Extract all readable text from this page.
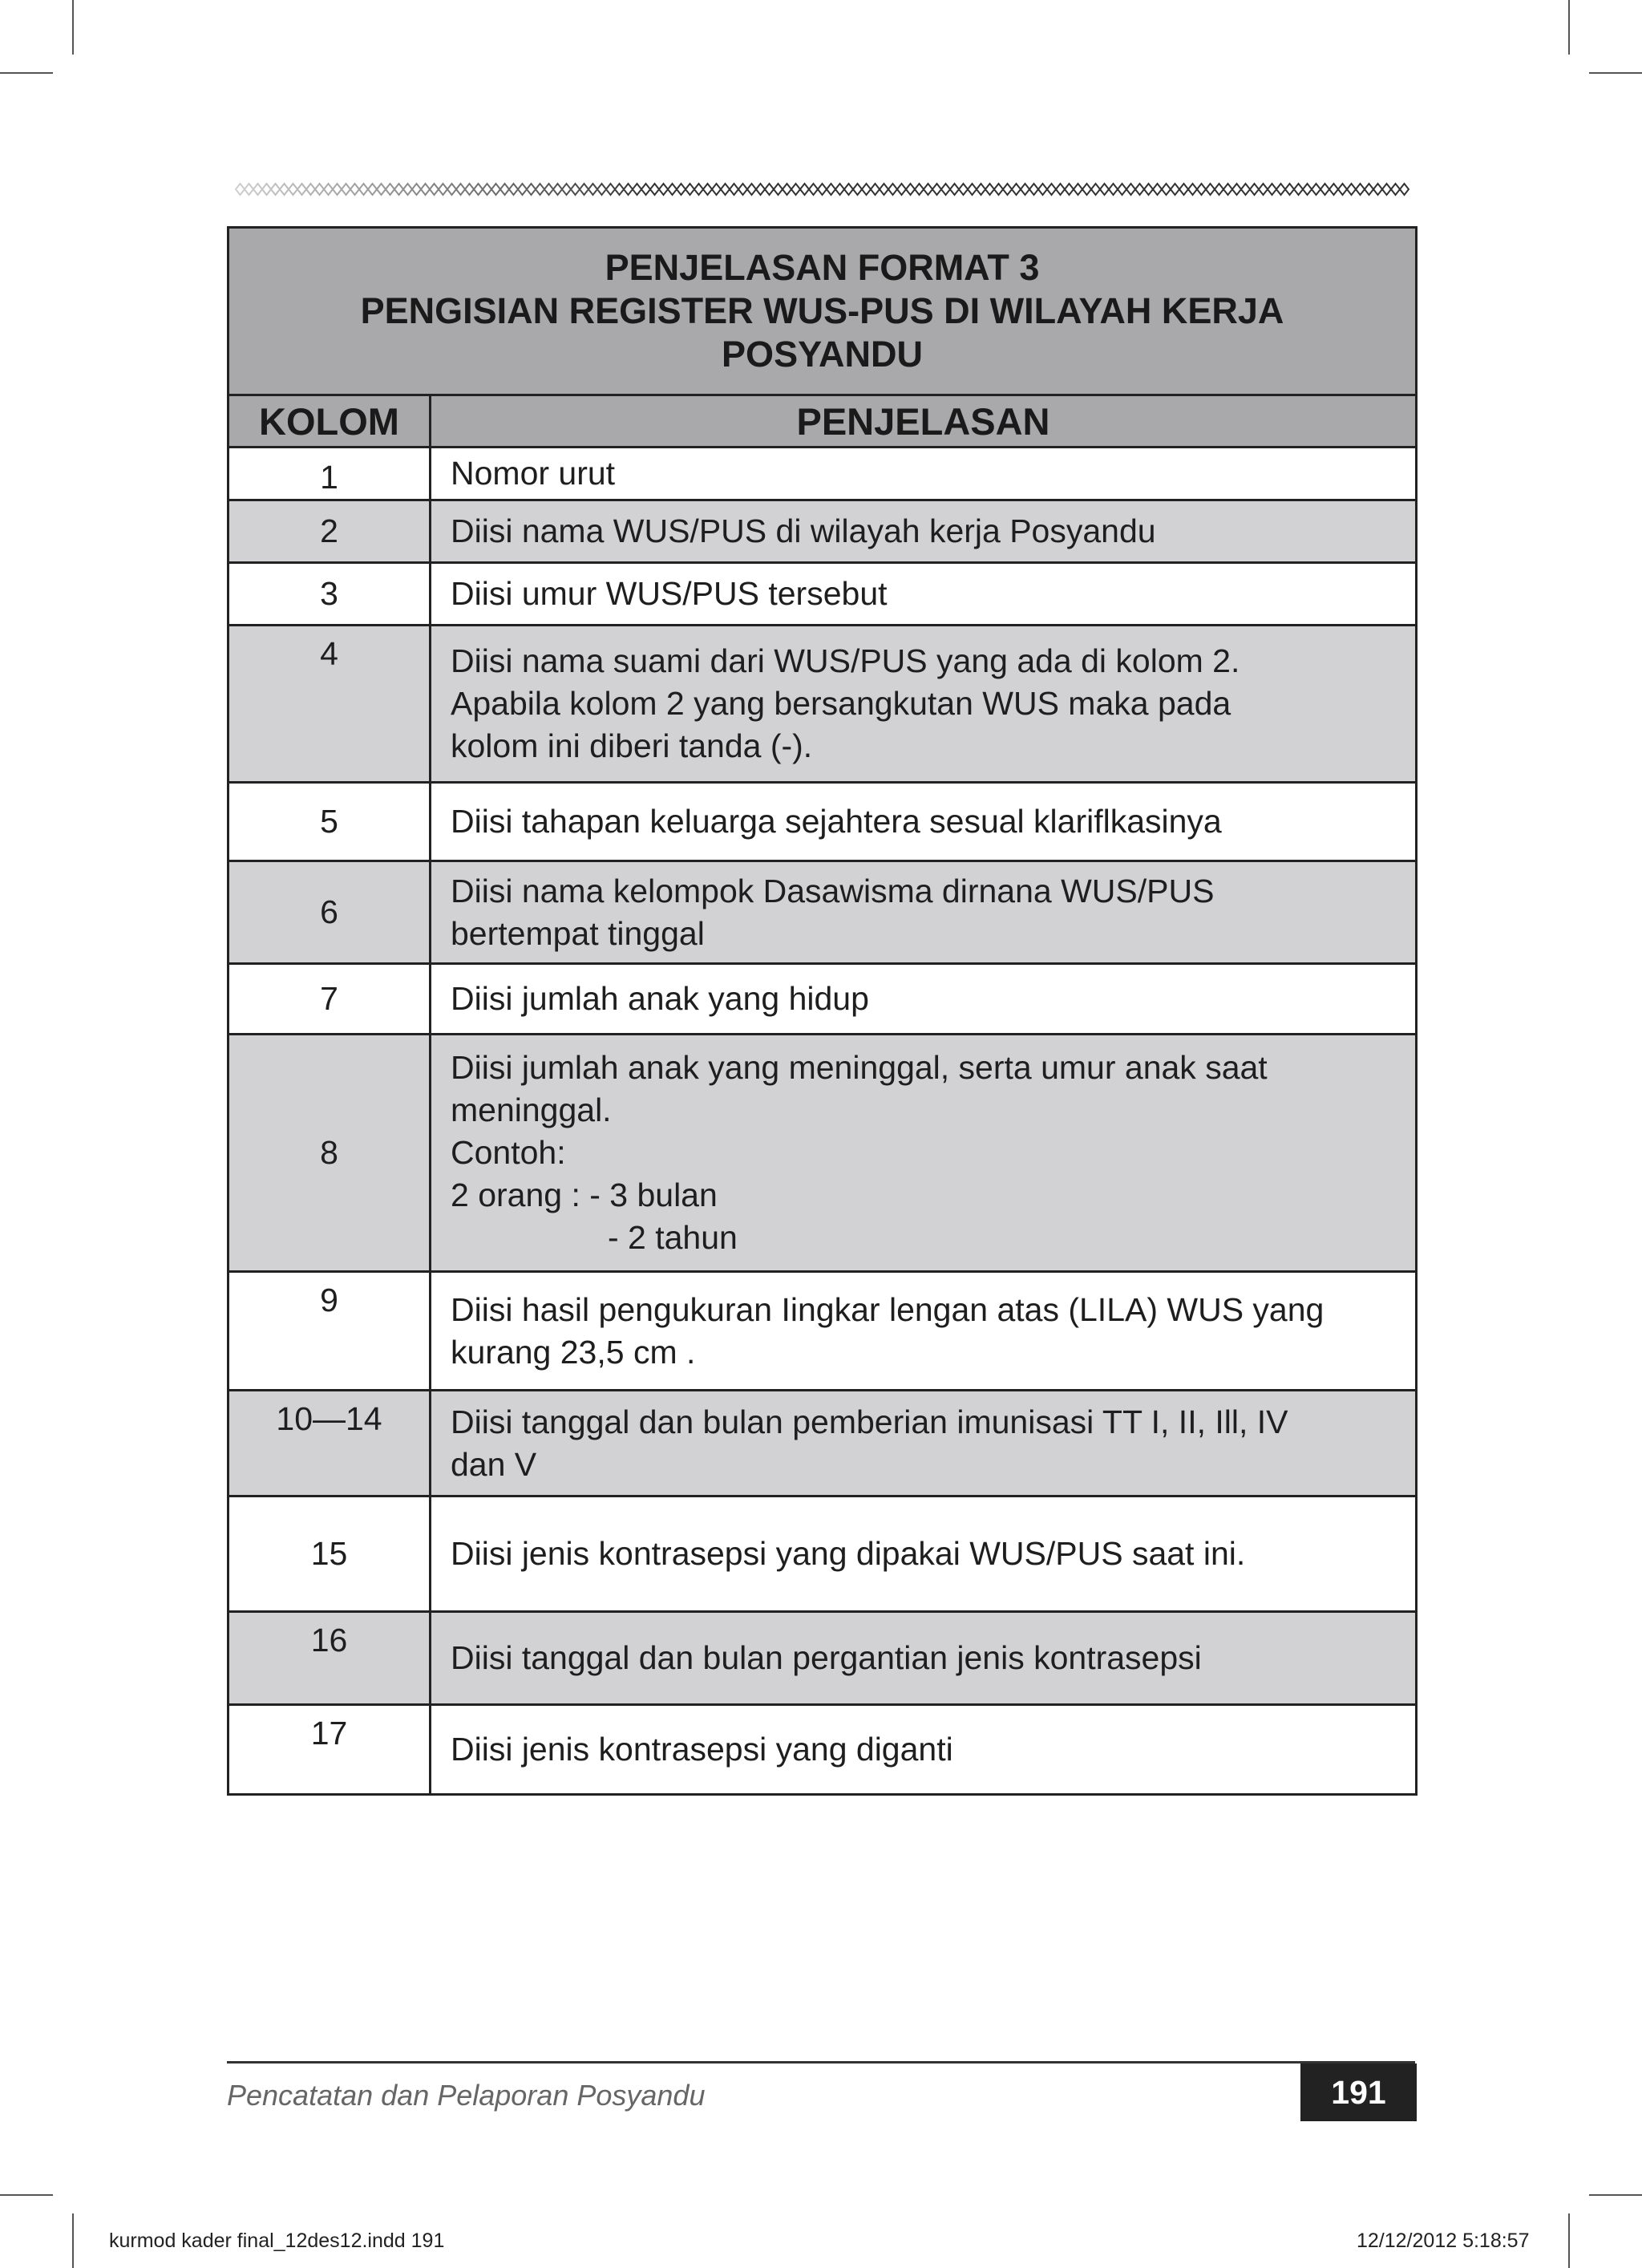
PENJELASAN FORMAT 3
PENGISIAN REGISTER WUS-PUS DI WILAYAH KERJA
POSYANDU	

KOLOM	PENJELASAN
1	Nomor urut

2	Diisi nama WUS/PUS di wilayah kerja Posyandu

3	Diisi umur WUS/PUS tersebut

4	Diisi nama suami dari WUS/PUS yang ada di kolom 2.
Apabila kolom 2 yang bersangkutan WUS maka pada
kolom ini diberi tanda (-).

5	Diisi tahapan keluarga sejahtera sesual klariflkasinya

6	Diisi nama kelompok Dasawisma dirnana WUS/PUS
bertempat tinggal

7	Diisi jumlah anak yang hidup

8	Diisi jumlah anak yang meninggal, serta umur anak saat
meninggal.
Contoh:
2 orang : - 3 bulan
- 2 tahun

9	Diisi hasil pengukuran Iingkar lengan atas (LILA) WUS yang
kurang 23,5 cm .

10—14	Diisi tanggal dan bulan pemberian imunisasi TT I, II, Ill, IV
dan V

15	Diisi jenis kontrasepsi yang dipakai WUS/PUS saat ini.

16	Diisi tanggal dan bulan pergantian jenis kontrasepsi

17	Diisi jenis kontrasepsi yang diganti
Pencatatan dan Pelaporan Posyandu	191
kurmod kader final_12des12.indd 191	12/12/2012 5:18:57
